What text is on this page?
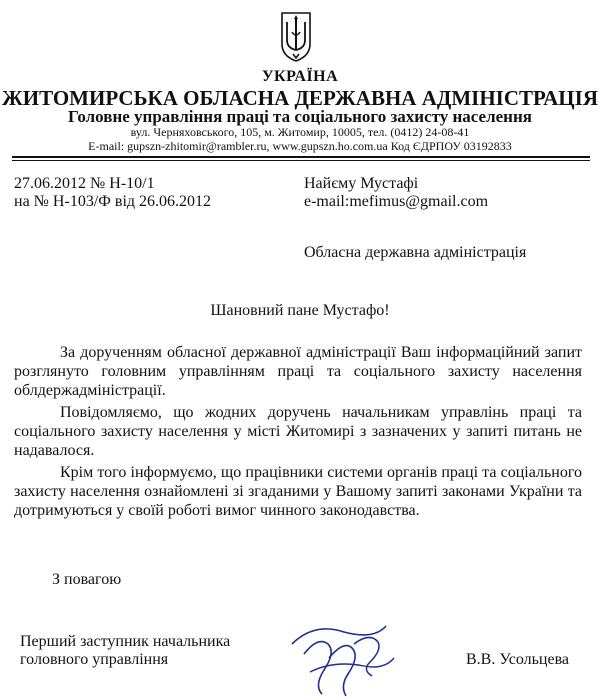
УКРАЇНА
ЖИТОМИРСЬКА ОБЛАСНА ДЕРЖАВНА АДМІНІСТРАЦІЯ
Головне управління праці та соціального захисту населення
вул. Черняховського, 105, м. Житомир, 10005, тел. (0412) 24-08-41
E-mail: gupszn-zhitomir@rambler.ru, www.gupszn.ho.com.ua Код ЄДРПОУ 03192833
27.06.2012 № Н-10/1
на № Н-103/Ф від 26.06.2012
Найєму Мустафі
e-mail:mefimus@gmail.com
Обласна державна адміністрація
Шановний пане Мустафо!

За дорученням обласної державної адміністрації Ваш інформаційний запит розглянуто головним управлінням праці та соціального захисту населення облдержадміністрації.

Повідомляємо, що жодних доручень начальникам управлінь праці та соціального захисту населення у місті Житомирі з зазначених у запиті питань не надавалося.

Крім того інформуємо, що працівники системи органів праці та соціального захисту населення ознайомлені зі згаданими у Вашому запиті законами України та дотримуються у своїй роботі вимог чинного законодавства.

З повагою
Перший заступник начальника
головного управління	В.В. Усольцева
